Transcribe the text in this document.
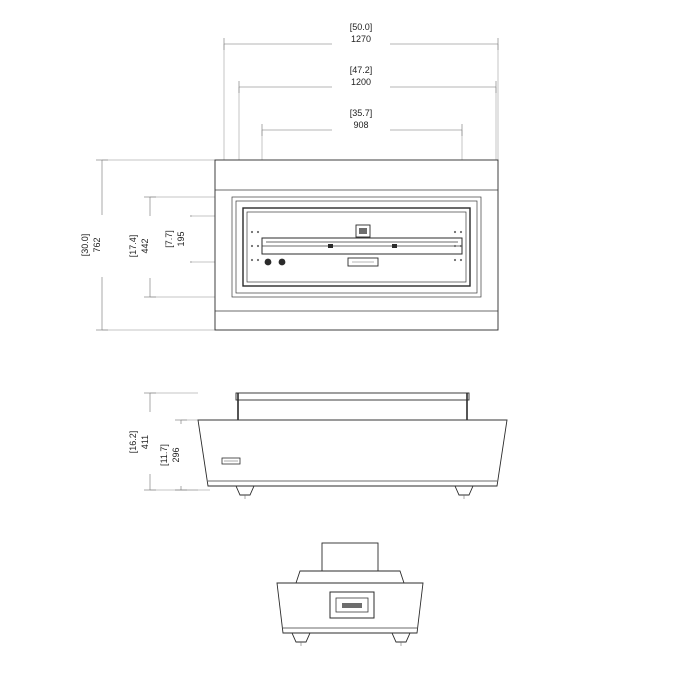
[50.0]
1270
[47.2]
1200
[35.7]
908
[30.0] 762	[17.4] 442 [7.7] 195
[16.2] 411
[11.7] 296
